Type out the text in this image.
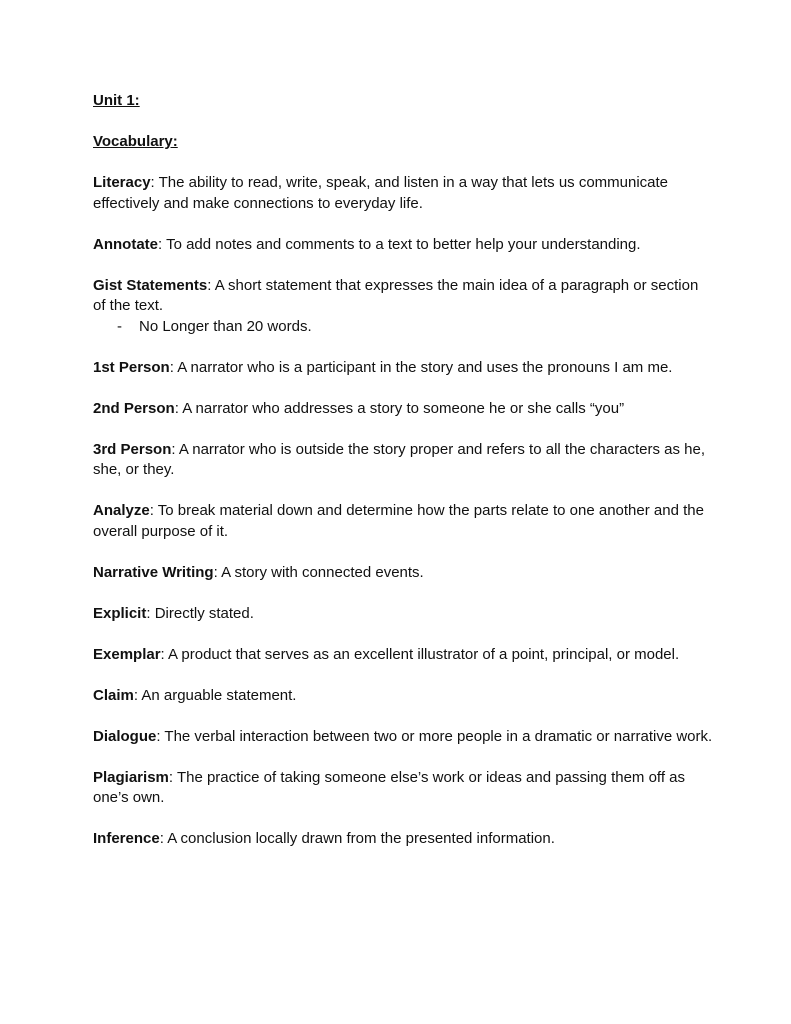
Unit 1:

Vocabulary:

Literacy: The ability to read, write, speak, and listen in a way that lets us communicate effectively and make connections to everyday life.

Annotate: To add notes and comments to a text to better help your understanding.

Gist Statements: A short statement that expresses the main idea of a paragraph or section of the text.

- No Longer than 20 words.

1st Person: A narrator who is a participant in the story and uses the pronouns I am me.

2nd Person: A narrator who addresses a story to someone he or she calls “you”

3rd Person: A narrator who is outside the story proper and refers to all the characters as he, she, or they.

Analyze: To break material down and determine how the parts relate to one another and the overall purpose of it.

Narrative Writing: A story with connected events.

Explicit: Directly stated.

Exemplar: A product that serves as an excellent illustrator of a point, principal, or model.

Claim: An arguable statement.

Dialogue: The verbal interaction between two or more people in a dramatic or narrative work.

Plagiarism: The practice of taking someone else’s work or ideas and passing them off as one’s own.

Inference: A conclusion locally drawn from the presented information.
